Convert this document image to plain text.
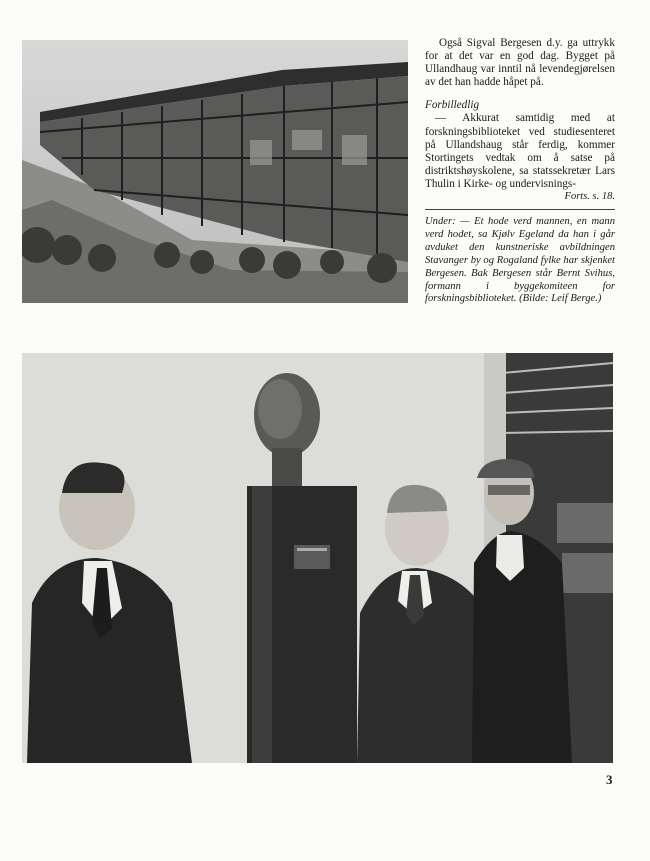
Også Sigval Bergesen d.y. ga uttrykk for at det var en god dag. Bygget på Ullandhaug var inntil nå levendegjørelsen av det han hadde håpet på.

Forbilledlig

— Akkurat samtidig med at forskningsbiblioteket ved studiesenteret på Ullandshaug står ferdig, kommer Stortingets vedtak om å satse på distriktshøyskolene, sa statssekretær Lars Thulin i Kirke- og undervisnings-

Forts. s. 18.

Under: — Et hode verd mannen, en mann verd hodet, sa Kjølv Egeland da han i går avduket den kunstneriske avbildningen Stavanger by og Rogaland fylke har skjenket Bergesen. Bak Bergesen står Bernt Svihus, formann i byggekomiteen for forskningsbiblioteket. (Bilde: Leif Berge.)

3
